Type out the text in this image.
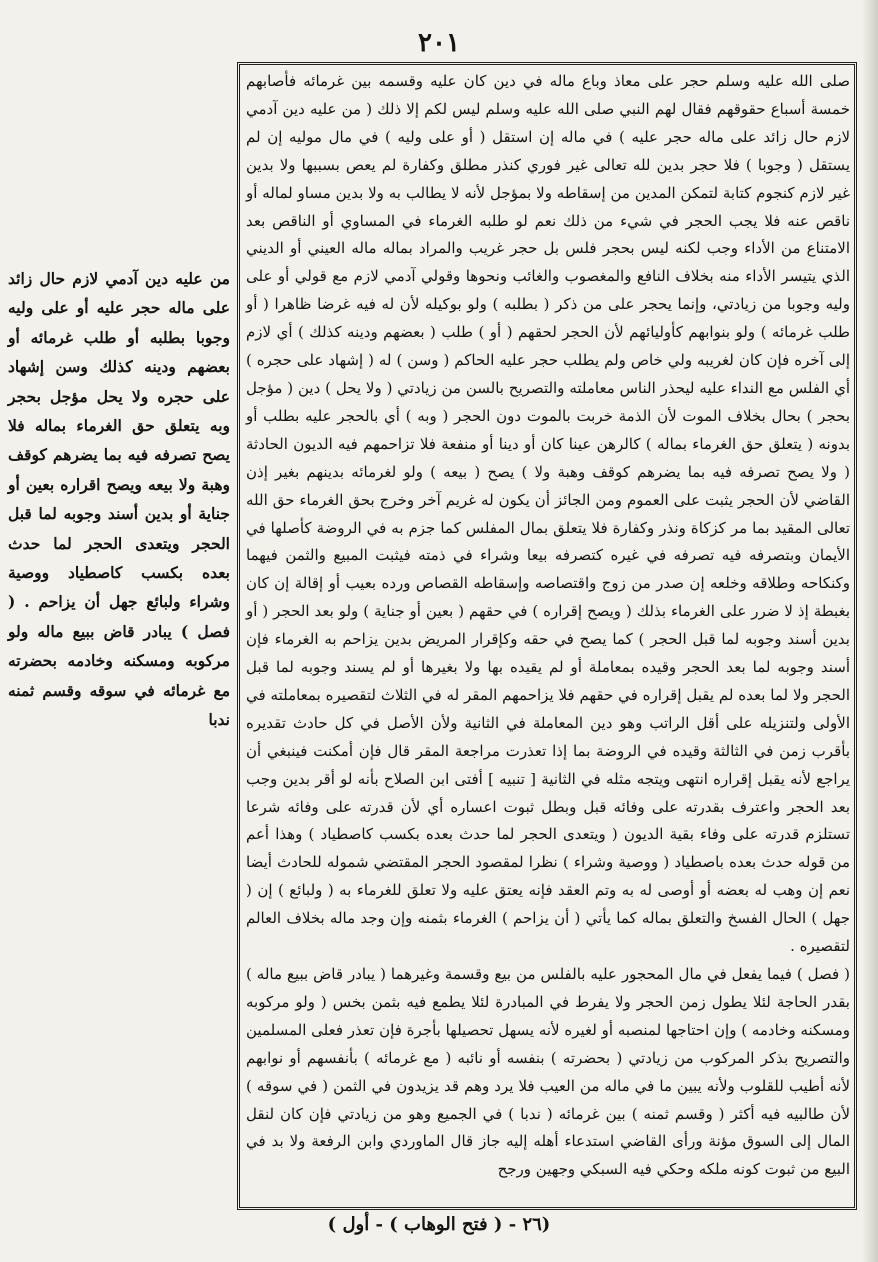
٢٠١

صلى الله عليه وسلم حجر على معاذ وباع ماله في دين كان عليه وقسمه بين غرمائه فأصابهم خمسة أسباع حقوقهم فقال لهم النبي صلى الله عليه وسلم ليس لكم إلا ذلك ( من عليه دين آدمي لازم حال زائد على ماله حجر عليه ) في ماله إن استقل ( أو على وليه ) في مال موليه إن لم يستقل ( وجوبا ) فلا حجر بدين لله تعالى غير فوري كنذر مطلق وكفارة لم يعص بسببها ولا بدين غير لازم كنجوم كتابة لتمكن المدين من إسقاطه ولا بمؤجل لأنه لا يطالب به ولا بدين مساو لماله أو ناقص عنه فلا يجب الحجر في شيء من ذلك نعم لو طلبه الغرماء في المساوي أو الناقص بعد الامتناع من الأداء وجب لكنه ليس بحجر فلس بل حجر غريب والمراد بماله ماله العيني أو الديني الذي يتيسر الأداء منه بخلاف النافع والمغصوب والغائب ونحوها وقولي آدمي لازم مع قولي أو على وليه وجوبا من زيادتي، وإنما يحجر على من ذكر ( بطلبه ) ولو بوكيله لأن له فيه غرضا ظاهرا ( أو طلب غرمائه ) ولو بنوابهم كأوليائهم لأن الحجر لحقهم ( أو ) طلب ( بعضهم ودينه كذلك ) أي لازم إلى آخره فإن كان لغريبه ولي خاص ولم يطلب حجر عليه الحاكم ( وسن ) له ( إشهاد على حجره ) أي الفلس مع النداء عليه ليحذر الناس معاملته والتصريح بالسن من زيادتي ( ولا يحل ) دين ( مؤجل بحجر ) بحال بخلاف الموت لأن الذمة خربت بالموت دون الحجر ( وبه ) أي بالحجر عليه بطلب أو بدونه ( يتعلق حق الغرماء بماله ) كالرهن عينا كان أو دينا أو منفعة فلا تزاحمهم فيه الديون الحادثة ( ولا يصح تصرفه فيه بما يضرهم كوقف وهبة ولا ) يصح ( بيعه ) ولو لغرمائه بدينهم بغير إذن القاضي لأن الحجر يثبت على العموم ومن الجائز أن يكون له غريم آخر وخرج بحق الغرماء حق الله تعالى المقيد بما مر كزكاة ونذر وكفارة فلا يتعلق بمال المفلس كما جزم به في الروضة كأصلها في الأيمان وبتصرفه فيه تصرفه في غيره كتصرفه بيعا وشراء في ذمته فيثبت المبيع والثمن فيهما وكنكاحه وطلاقه وخلعه إن صدر من زوج واقتصاصه وإسقاطه القصاص ورده بعيب أو إقالة إن كان بغبطة إذ لا ضرر على الغرماء بذلك ( ويصح إقراره ) في حقهم ( بعين أو جناية ) ولو بعد الحجر ( أو بدين أسند وجوبه لما قبل الحجر ) كما يصح في حقه وكإقرار المريض بدين يزاحم به الغرماء فإن أسند وجوبه لما بعد الحجر وقيده بمعاملة أو لم يقيده بها ولا بغيرها أو لم يسند وجوبه لما قبل الحجر ولا لما بعده لم يقبل إقراره في حقهم فلا يزاحمهم المقر له في الثلاث لتقصيره بمعاملته في الأولى ولتنزيله على أقل الراتب وهو دين المعاملة في الثانية ولأن الأصل في كل حادث تقديره بأقرب زمن في الثالثة وقيده في الروضة بما إذا تعذرت مراجعة المقر قال فإن أمكنت فينبغي أن يراجع لأنه يقبل إقراره انتهى ويتجه مثله في الثانية [ تنبيه ] أفتى ابن الصلاح بأنه لو أقر بدين وجب بعد الحجر واعترف بقدرته على وفائه قبل وبطل ثبوت اعساره أي لأن قدرته على وفائه شرعا تستلزم قدرته على وفاء بقية الديون ( ويتعدى الحجر لما حدث بعده بكسب كاصطياد ) وهذا أعم من قوله حدث بعده باصطياد ( ووصية وشراء ) نظرا لمقصود الحجر المقتضي شموله للحادث أيضا نعم إن وهب له بعضه أو أوصى له به وتم العقد فإنه يعتق عليه ولا تعلق للغرماء به ( ولبائع ) إن ( جهل ) الحال الفسخ والتعلق بماله كما يأتي ( أن يزاحم ) الغرماء بثمنه وإن وجد ماله بخلاف العالم لتقصيره .

( فصل ) فيما يفعل في مال المحجور عليه بالفلس من بيع وقسمة وغيرهما ( يبادر قاض ببيع ماله ) بقدر الحاجة لئلا يطول زمن الحجر ولا يفرط في المبادرة لئلا يطمع فيه بثمن بخس ( ولو مركوبه ومسكنه وخادمه ) وإن احتاجها لمنصبه أو لغيره لأنه يسهل تحصيلها بأجرة فإن تعذر فعلى المسلمين والتصريح بذكر المركوب من زيادتي ( بحضرته ) بنفسه أو نائبه ( مع غرمائه ) بأنفسهم أو نوابهم لأنه أطيب للقلوب ولأنه يبين ما في ماله من العيب فلا يرد وهم قد يزيدون في الثمن ( في سوقه ) لأن طالبيه فيه أكثر ( وقسم ثمنه ) بين غرمائه ( ندبا ) في الجميع وهو من زيادتي فإن كان لنقل المال إلى السوق مؤنة ورأى القاضي استدعاء أهله إليه جاز قال الماوردي وابن الرفعة ولا بد في البيع من ثبوت كونه ملكه وحكي فيه السبكي وجهين ورجح

من عليه دين آدمي لازم حال زائد على ماله حجر عليه أو على وليه وجوبا بطلبه أو طلب غرمائه أو بعضهم ودينه كذلك وسن إشهاد على حجره ولا يحل مؤجل بحجر وبه يتعلق حق الغرماء بماله فلا يصح تصرفه فيه بما يضرهم كوقف وهبة ولا بيعه ويصح اقراره بعين أو جناية أو بدين أسند وجوبه لما قبل الحجر ويتعدى الحجر لما حدث بعده بكسب كاصطياد ووصية وشراء ولبائع جهل أن يزاحم . ( فصل ) يبادر قاض ببيع ماله ولو مركوبه ومسكنه وخادمه بحضرته مع غرمائه في سوقه وقسم ثمنه ندبا

(٢٦ - ( فتح الوهاب ) - أول )
